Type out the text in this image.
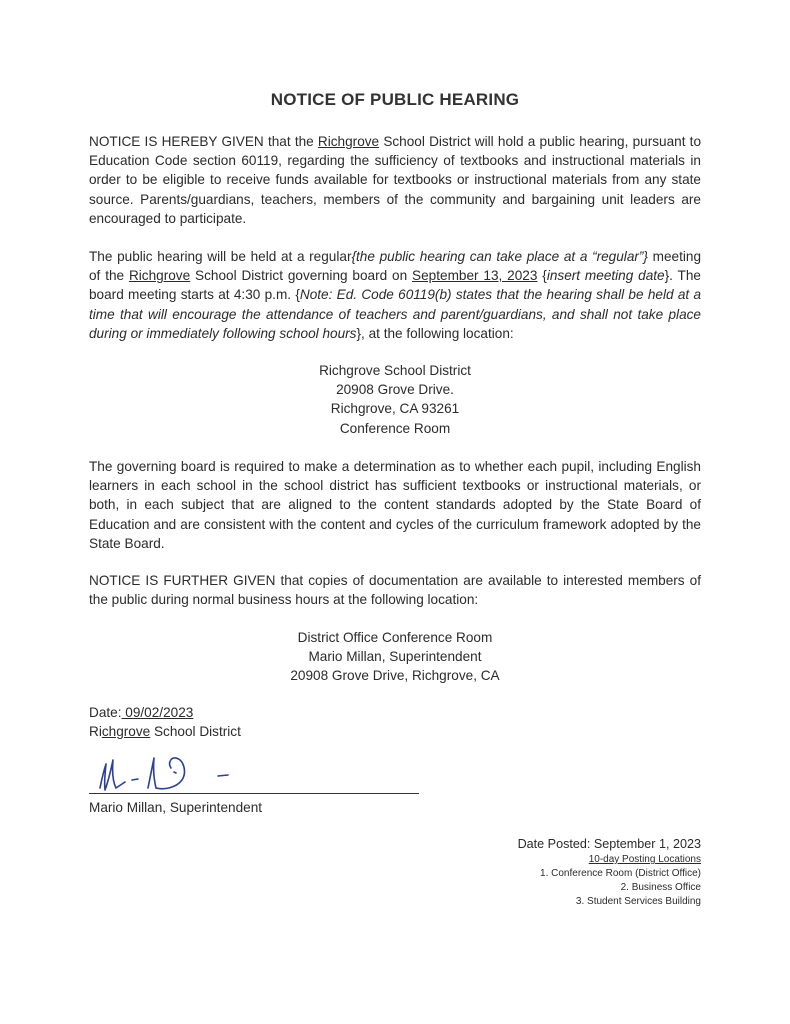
NOTICE OF PUBLIC HEARING
NOTICE IS HEREBY GIVEN that the Richgrove School District will hold a public hearing, pursuant to Education Code section 60119, regarding the sufficiency of textbooks and instructional materials in order to be eligible to receive funds available for textbooks or instructional materials from any state source. Parents/guardians, teachers, members of the community and bargaining unit leaders are encouraged to participate.
The public hearing will be held at a regular{the public hearing can take place at a “regular”} meeting of the Richgrove School District governing board on September 13, 2023 {insert meeting date}. The board meeting starts at 4:30 p.m. {Note: Ed. Code 60119(b) states that the hearing shall be held at a time that will encourage the attendance of teachers and parent/guardians, and shall not take place during or immediately following school hours}, at the following location:
Richgrove School District
20908 Grove Drive.
Richgrove, CA 93261
Conference Room
The governing board is required to make a determination as to whether each pupil, including English learners in each school in the school district has sufficient textbooks or instructional materials, or both, in each subject that are aligned to the content standards adopted by the State Board of Education and are consistent with the content and cycles of the curriculum framework adopted by the State Board.
NOTICE IS FURTHER GIVEN that copies of documentation are available to interested members of the public during normal business hours at the following location:
District Office Conference Room
Mario Millan, Superintendent
20908 Grove Drive, Richgrove, CA
Date: 09/02/2023
Richgrove School District
Mario Millan, Superintendent
Date Posted: September 1, 2023
10-day Posting Locations
1. Conference Room (District Office)
2. Business Office
3. Student Services Building
